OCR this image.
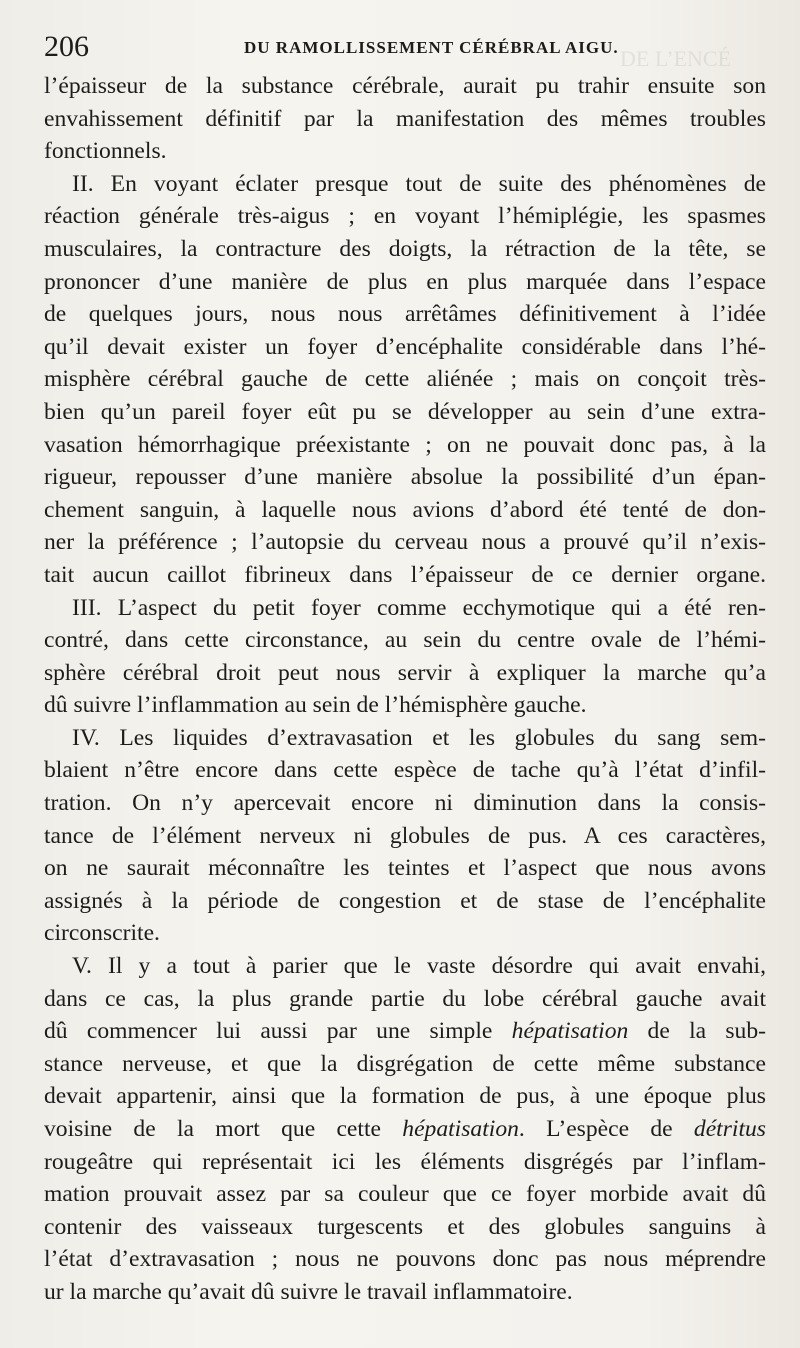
DE L’ENCÉ
206	DU RAMOLLISSEMENT CÉRÉBRAL AIGU.
l’épaisseur de la substance cérébrale, aurait pu trahir ensuite son
envahissement définitif par la manifestation des mêmes troubles
fonctionnels.
II. En voyant éclater presque tout de suite des phénomènes de
réaction générale très-aigus ; en voyant l’hémiplégie, les spasmes
musculaires, la contracture des doigts, la rétraction de la tête, se
prononcer d’une manière de plus en plus marquée dans l’espace
de quelques jours, nous nous arrêtâmes définitivement à l’idée
qu’il devait exister un foyer d’encéphalite considérable dans l’hé-
misphère cérébral gauche de cette aliénée ; mais on conçoit très-
bien qu’un pareil foyer eût pu se développer au sein d’une extra-
vasation hémorrhagique préexistante ; on ne pouvait donc pas, à la
rigueur, repousser d’une manière absolue la possibilité d’un épan-
chement sanguin, à laquelle nous avions d’abord été tenté de don-
ner la préférence ; l’autopsie du cerveau nous a prouvé qu’il n’exis-
tait aucun caillot fibrineux dans l’épaisseur de ce dernier organe.
III. L’aspect du petit foyer comme ecchymotique qui a été ren-
contré, dans cette circonstance, au sein du centre ovale de l’hémi-
sphère cérébral droit peut nous servir à expliquer la marche qu’a
dû suivre l’inflammation au sein de l’hémisphère gauche.
IV. Les liquides d’extravasation et les globules du sang sem-
blaient n’être encore dans cette espèce de tache qu’à l’état d’infil-
tration. On n’y apercevait encore ni diminution dans la consis-
tance de l’élément nerveux ni globules de pus. A ces caractères,
on ne saurait méconnaître les teintes et l’aspect que nous avons
assignés à la période de congestion et de stase de l’encéphalite
circonscrite.
V. Il y a tout à parier que le vaste désordre qui avait envahi,
dans ce cas, la plus grande partie du lobe cérébral gauche avait
dû commencer lui aussi par une simple hépatisation de la sub-
stance nerveuse, et que la disgrégation de cette même substance
devait appartenir, ainsi que la formation de pus, à une époque plus
voisine de la mort que cette hépatisation. L’espèce de détritus
rougeâtre qui représentait ici les éléments disgrégés par l’inflam-
mation prouvait assez par sa couleur que ce foyer morbide avait dû
contenir des vaisseaux turgescents et des globules sanguins à
l’état d’extravasation ; nous ne pouvons donc pas nous méprendre
ur la marche qu’avait dû suivre le travail inflammatoire.
